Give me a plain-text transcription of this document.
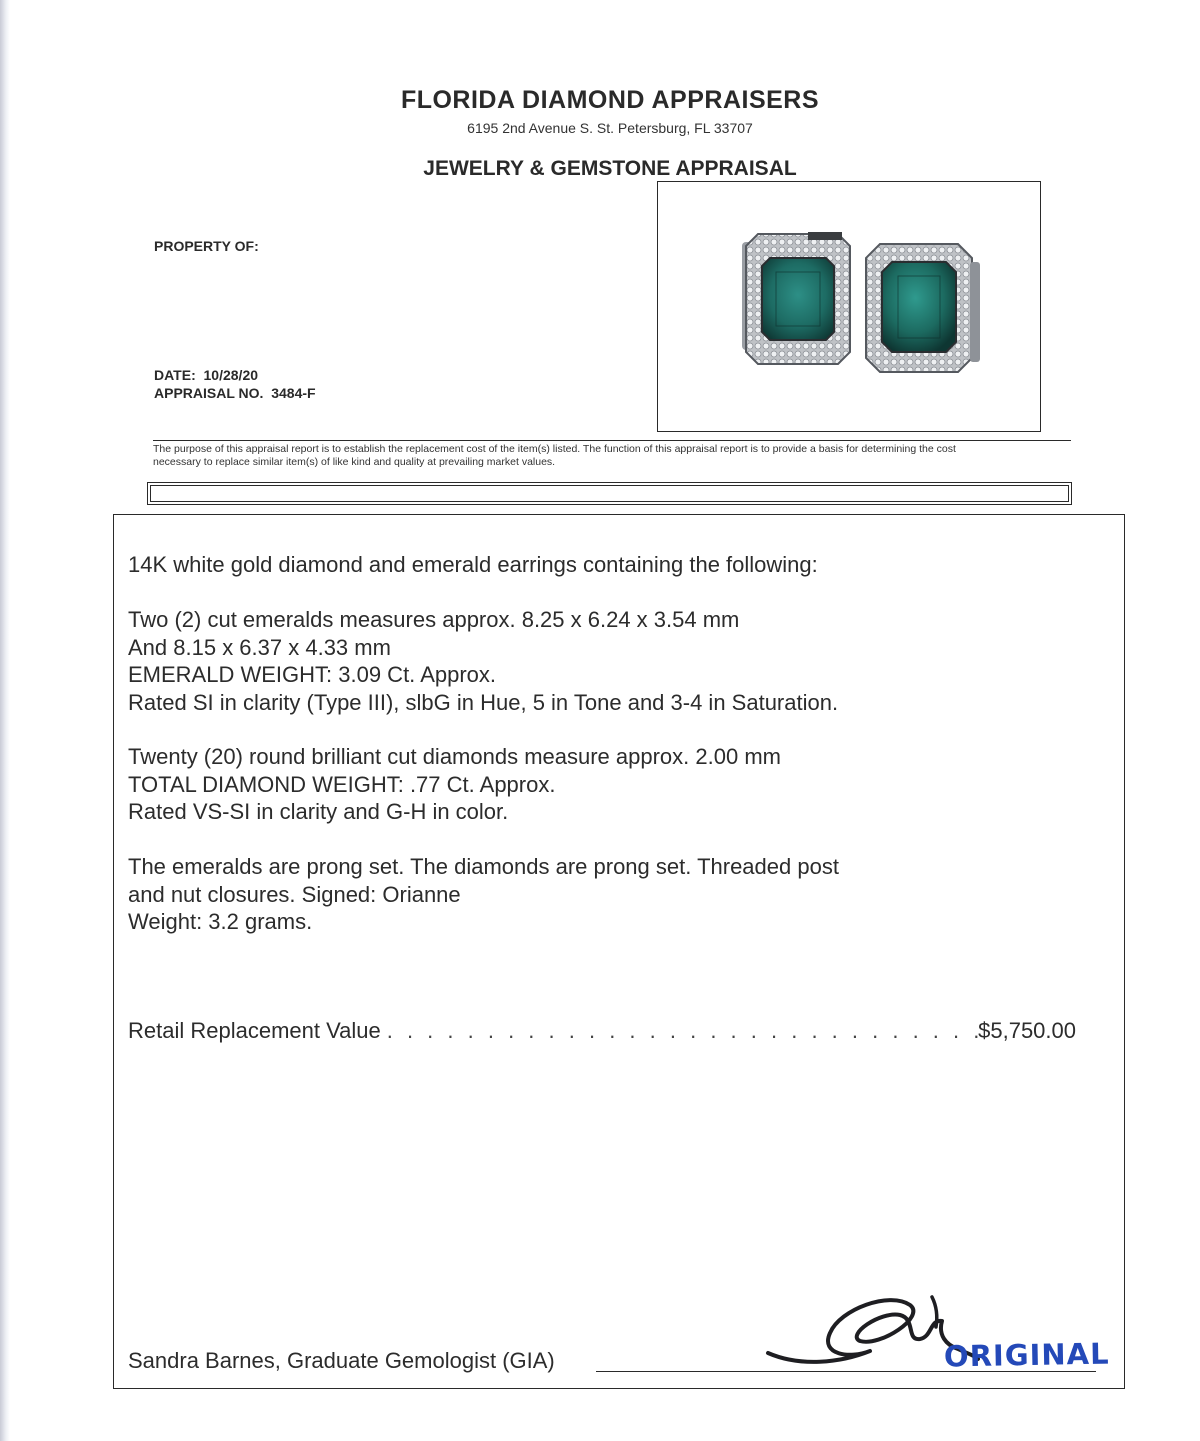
FLORIDA DIAMOND APPRAISERS
6195 2nd Avenue S. St. Petersburg, FL 33707
JEWELRY & GEMSTONE APPRAISAL
PROPERTY OF:
DATE: 10/28/20
APPRAISAL NO. 3484-F
The purpose of this appraisal report is to establish the replacement cost of the item(s) listed. The function of this appraisal report is to provide a basis for determining the cost
necessary to replace similar item(s) of like kind and quality at prevailing market values.
14K white gold diamond and emerald earrings containing the following:
Two (2) cut emeralds measures approx. 8.25 x 6.24 x 3.54 mm
And 8.15 x 6.37 x 4.33 mm
EMERALD WEIGHT: 3.09 Ct. Approx.
Rated SI in clarity (Type III), slbG in Hue, 5 in Tone and 3-4 in Saturation.
Twenty (20) round brilliant cut diamonds measure approx. 2.00 mm
TOTAL DIAMOND WEIGHT: .77 Ct. Approx.
Rated VS-SI in clarity and G-H in color.
The emeralds are prong set. The diamonds are prong set. Threaded post
and nut closures. Signed: Orianne
Weight: 3.2 grams.
Retail Replacement Value
. . .	$5,750.00
Sandra Barnes, Graduate Gemologist (GIA)	ORIGINAL
